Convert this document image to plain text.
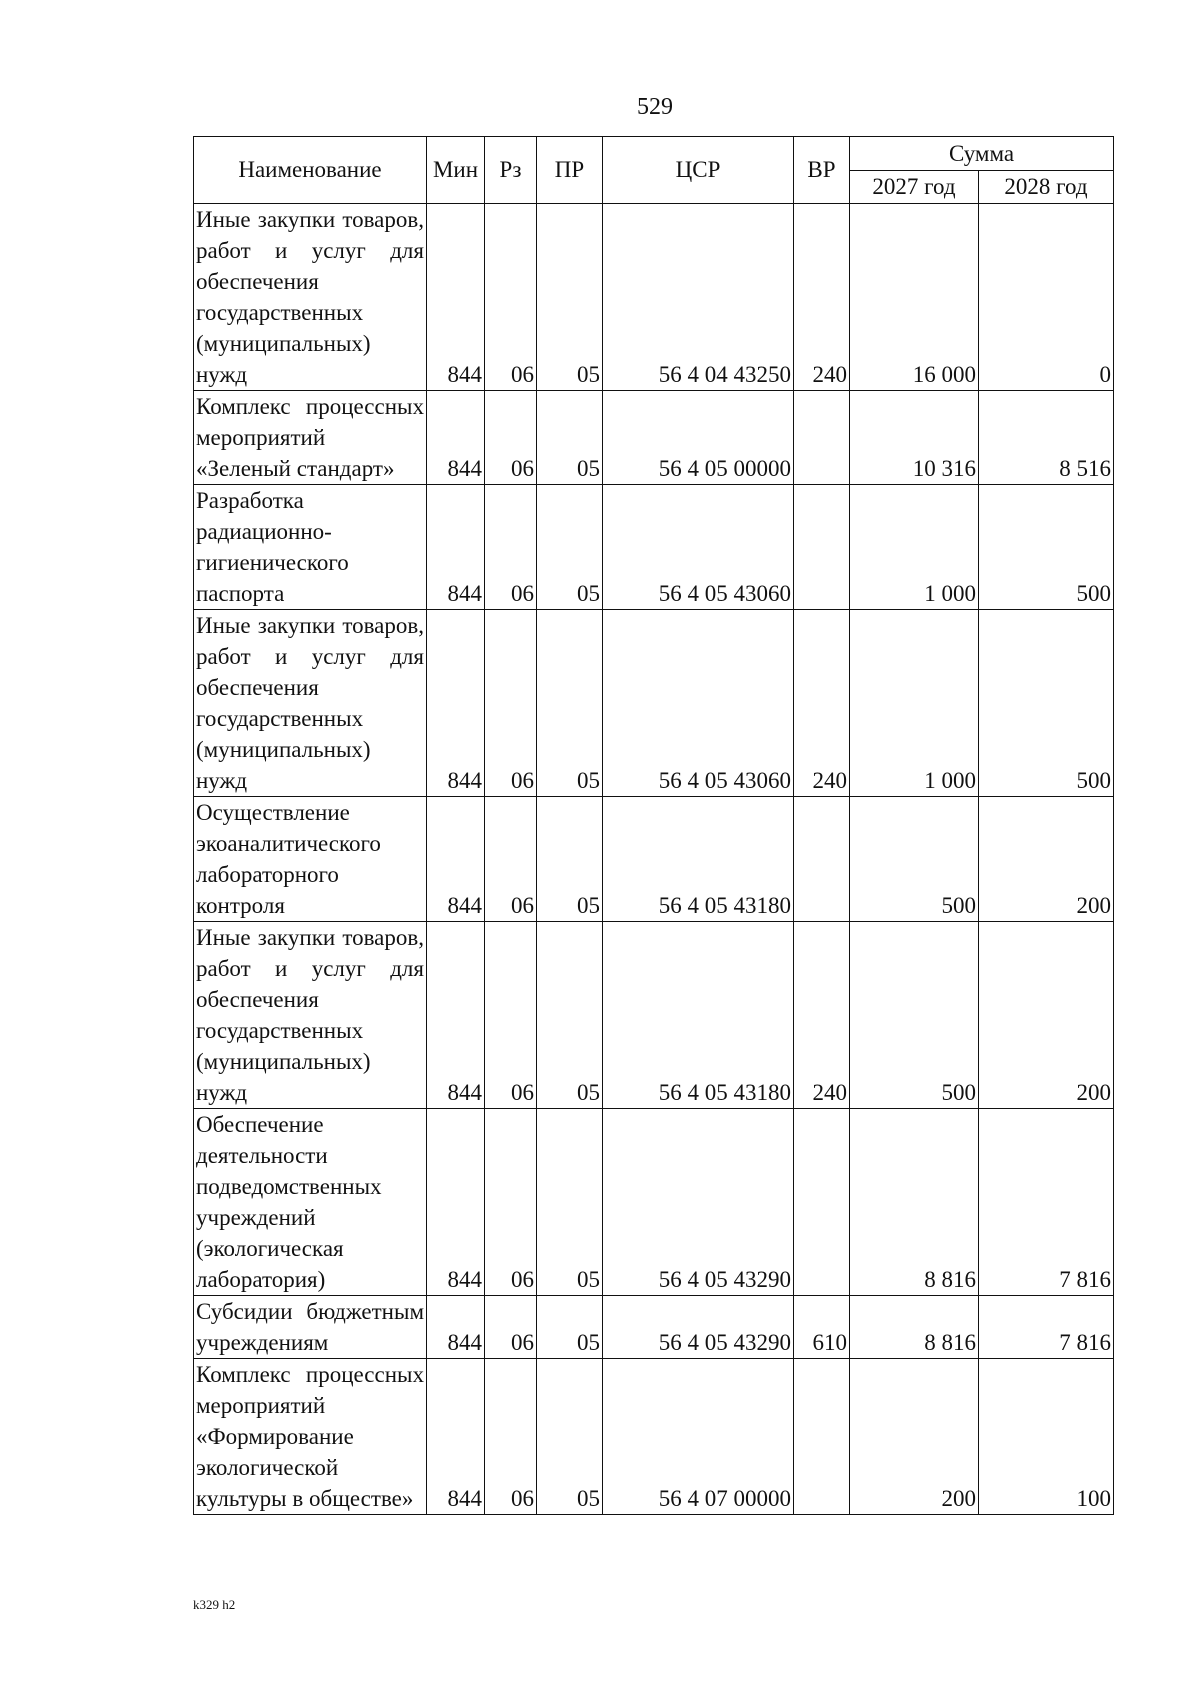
529
Наименование	Мин	Рз	ПР	ЦСР	ВР	Сумма	
						2027 год	2028 год
Иные закупки товаров, работ и услуг для обеспечения государственных (муниципальных) нужд	844	06	05	56 4 04 43250	240	16 000	0
Комплекс процессных мероприятий «Зеленый стандарт»	844	06	05	56 4 05 00000		10 316	8 516
Разработка радиационно-гигиенического паспорта	844	06	05	56 4 05 43060		1 000	500
Иные закупки товаров, работ и услуг для обеспечения государственных (муниципальных) нужд	844	06	05	56 4 05 43060	240	1 000	500
Осуществление экоаналитического лабораторного контроля	844	06	05	56 4 05 43180		500	200
Иные закупки товаров, работ и услуг для обеспечения государственных (муниципальных) нужд	844	06	05	56 4 05 43180	240	500	200
Обеспечение деятельности подведомственных учреждений (экологическая лаборатория)	844	06	05	56 4 05 43290		8 816	7 816
Субсидии бюджетным учреждениям	844	06	05	56 4 05 43290	610	8 816	7 816
Комплекс процессных мероприятий «Формирование экологической культуры в обществе»	844	06	05	56 4 07 00000		200	100
k329 h2
